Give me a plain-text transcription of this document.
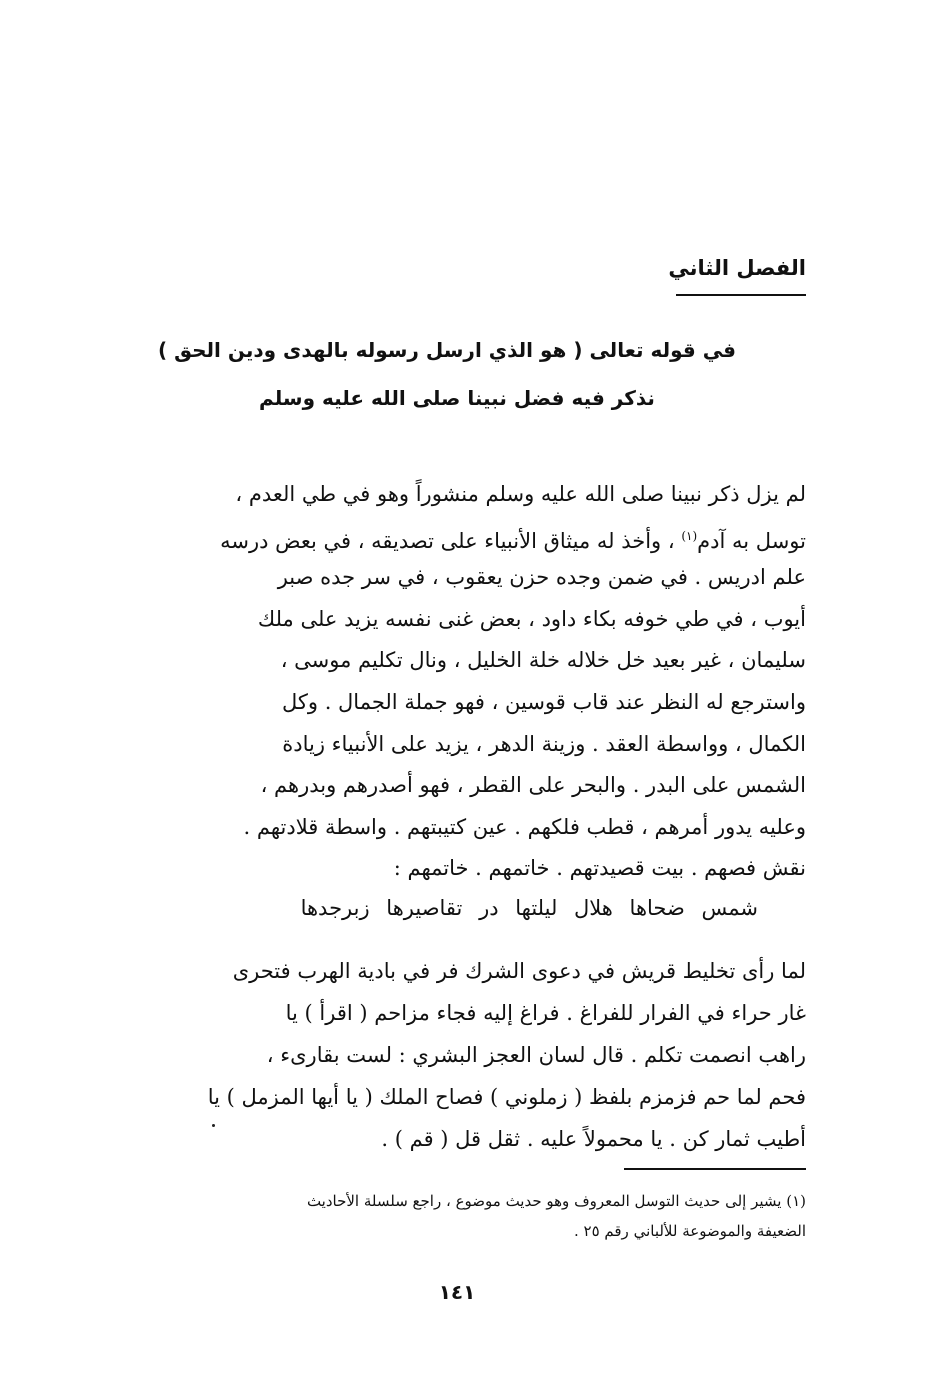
الفصل الثاني

في قوله تعالى ( هو الذي ارسل رسوله بالهدى ودين الحق )

نذكر فيه فضل نبينا صلى الله عليه وسلم

لم يزل ذكر نبينا صلى الله عليه وسلم منشوراً وهو في طي العدم ،
توسل به آدم$^{(١)}$ ، وأخذ له ميثاق الأنبياء على تصديقه ، في بعض درسه
علم ادريس . في ضمن وجده حزن يعقوب ، في سر جده صبر
أيوب ، في طي خوفه بكاء داود ، بعض غنى نفسه يزيد على ملك
سليمان ، غير بعيد خل خلاله خلة الخليل ، ونال تكليم موسى ،
واسترجع له النظر عند قاب قوسين ، فهو جملة الجمال . وكل
الكمال ، وواسطة العقد . وزينة الدهر ، يزيد على الأنبياء زيادة
الشمس على البدر . والبحر على القطر ، فهو أصدرهم وبدرهم ،
وعليه يدور أمرهم ، قطب فلكهم . عين كتيبتهم . واسطة قلادتهم .
نقش فصهم . بيت قصيدتهم . خاتمهم . خاتمهم :

شمس ضحاها هلال ليلتها در تقاصيرها زبرجدها

لما رأى تخليط قريش في دعوى الشرك فر في بادية الهرب فتحرى
غار حراء في الفرار للفراغ . فراغ إليه فجاء مزاحم ( اقرأ ) يا
راهب انصمت تكلم . قال لسان العجز البشري : لست بقارىء ،
فحم لما حم فزمزم بلفظ ( زملوني ) فصاح الملك ( يا أيها المزمل ) يا
أطيب ثمار كن . يا محمولاً عليه . ثقل قل ( قم ) .
(١) يشير إلى حديث التوسل المعروف وهو حديث موضوع ، راجع سلسلة الأحاديث
الضعيفة والموضوعة للألباني رقم ٢٥ .

١٤١
